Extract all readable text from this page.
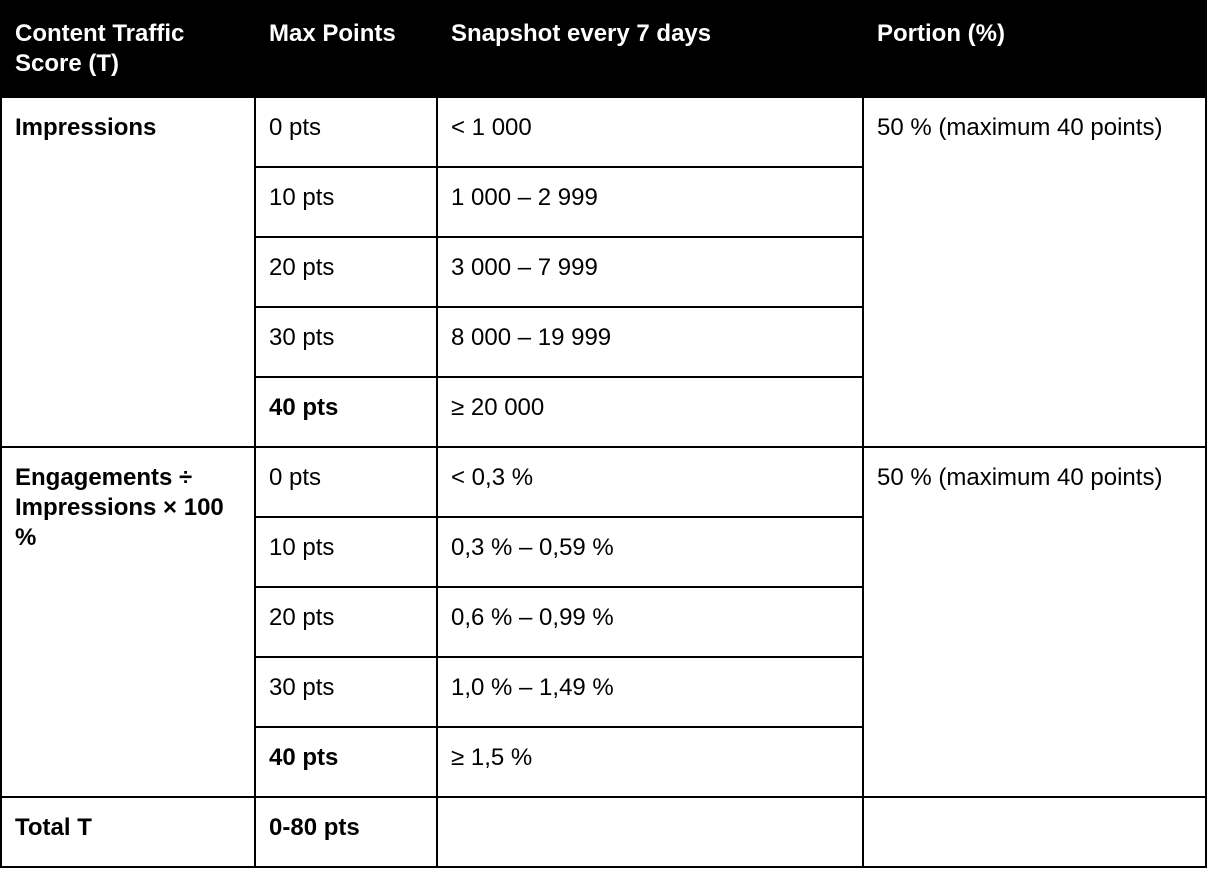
Content Traffic Score (T)	Max Points	Snapshot every 7 days	Portion (%)
Impressions	0 pts	< 1 000	50 % (maximum 40 points)
	10 pts	1 000 – 2 999	
	20 pts	3 000 – 7 999	
	30 pts	8 000 – 19 999	
	40 pts	≥ 20 000	
Engagements ÷ Impressions × 100 %	0 pts	< 0,3 %	50 % (maximum 40 points)
	10 pts	0,3 % – 0,59 %	
	20 pts	0,6 % – 0,99 %	
	30 pts	1,0 % – 1,49 %	
	40 pts	≥ 1,5 %	
Total T	0-80 pts		
